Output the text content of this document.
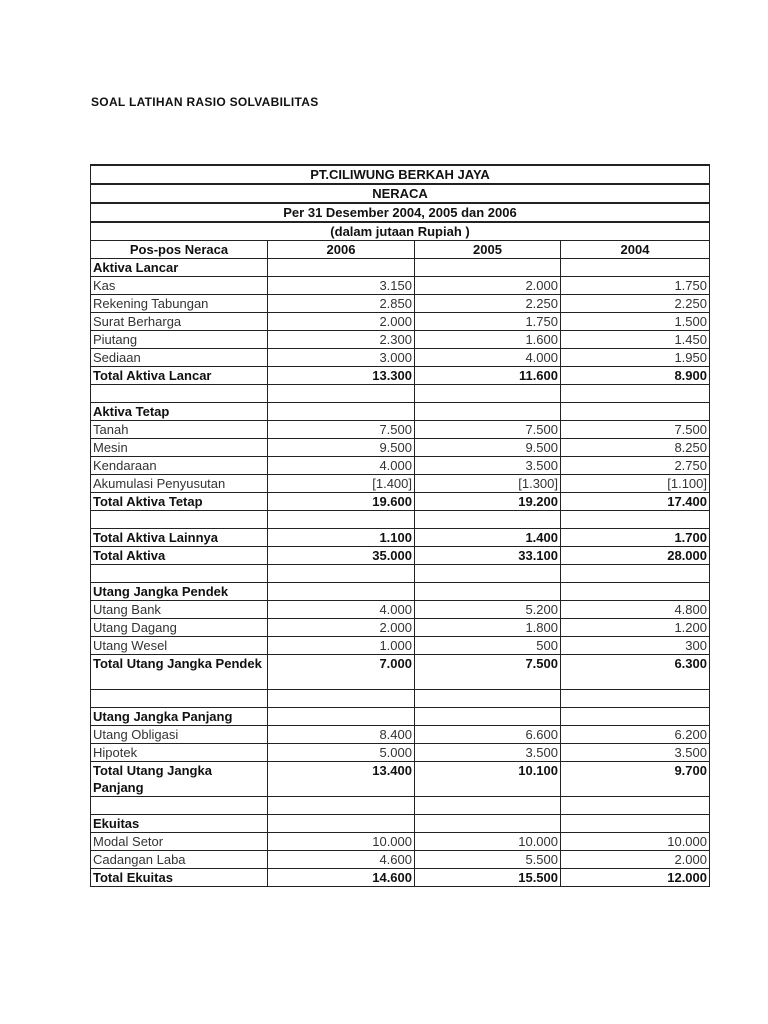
SOAL LATIHAN RASIO SOLVABILITAS
PT.CILIWUNG BERKAH JAYA			
NERACA			
Per 31 Desember 2004, 2005 dan 2006			
(dalam jutaan Rupiah )			
Pos-pos Neraca	2006	2005	2004
Aktiva Lancar			
Kas	3.150	2.000	1.750
Rekening Tabungan	2.850	2.250	2.250
Surat Berharga	2.000	1.750	1.500
Piutang	2.300	1.600	1.450
Sediaan	3.000	4.000	1.950
Total Aktiva Lancar	13.300	11.600	8.900

Aktiva Tetap			
Tanah	7.500	7.500	7.500
Mesin	9.500	9.500	8.250
Kendaraan	4.000	3.500	2.750
Akumulasi Penyusutan	[1.400]	[1.300]	[1.100]
Total Aktiva Tetap	19.600	19.200	17.400

Total Aktiva Lainnya	1.100	1.400	1.700
Total Aktiva	35.000	33.100	28.000

Utang Jangka Pendek			
Utang Bank	4.000	5.200	4.800
Utang Dagang	2.000	1.800	1.200
Utang Wesel	1.000	500	300
Total Utang Jangka Pendek	7.000	7.500	6.300

Utang Jangka Panjang			
Utang Obligasi	8.400	6.600	6.200
Hipotek	5.000	3.500	3.500
Total Utang Jangka Panjang	13.400	10.100	9.700

Ekuitas			
Modal Setor	10.000	10.000	10.000
Cadangan Laba	4.600	5.500	2.000
Total Ekuitas	14.600	15.500	12.000
